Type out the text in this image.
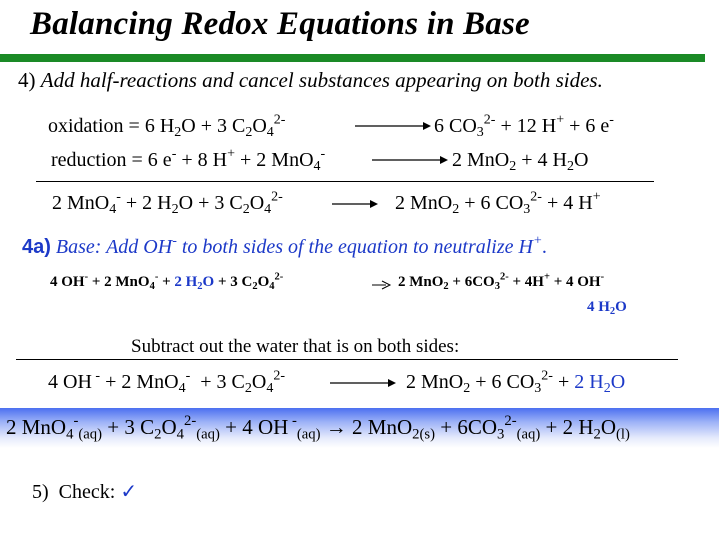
Balancing Redox Equations in Base
4) Add half-reactions and cancel substances appearing on both sides.
oxidation = 6 $H_2O + 3$ $C_2O_4^{2-}$	6 $CO_3^{2-} + 12$ H+ + 6 e-
reduction = 6 e- + 8 H+ + 2 MnO$_4$-	2 MnO$_2$ + 4 $H_2O$
2 MnO$_4$- + 2 $H_2O + 3$ $C_2O_4^{2-}$	2 MnO$_2$ + 6 $CO_3^{2-} + 4$ H+
4a) Base: Add OH- to both sides of the equation to neutralize H+.
4 OH- + 2 MnO$_4$- + 2 $H_2O + 3$ $C_2O_4^{2-}$	2 $MnO_2 + 6CO_3^{2-} + 4H^+ + 4$ OH-
4 $H_2O$
Subtract out the water that is on both sides:
4 OH - + 2 MnO$_4$-  + 3 $C_2O_4^{2-}$	2 MnO$_2$ + 6 $CO_3^{2-} + 2$ $H_2O$
2 MnO$_4$-$_{(aq)}$ + 3 $C_2O_4^{2-}_{(aq)} + 4$ OH -$_{(aq)}$ → 2 $MnO_{2(s)} + 6CO_3^{2-}_{(aq)} + 2$ $H_2O_{(l)}$
5) Check: ✓
